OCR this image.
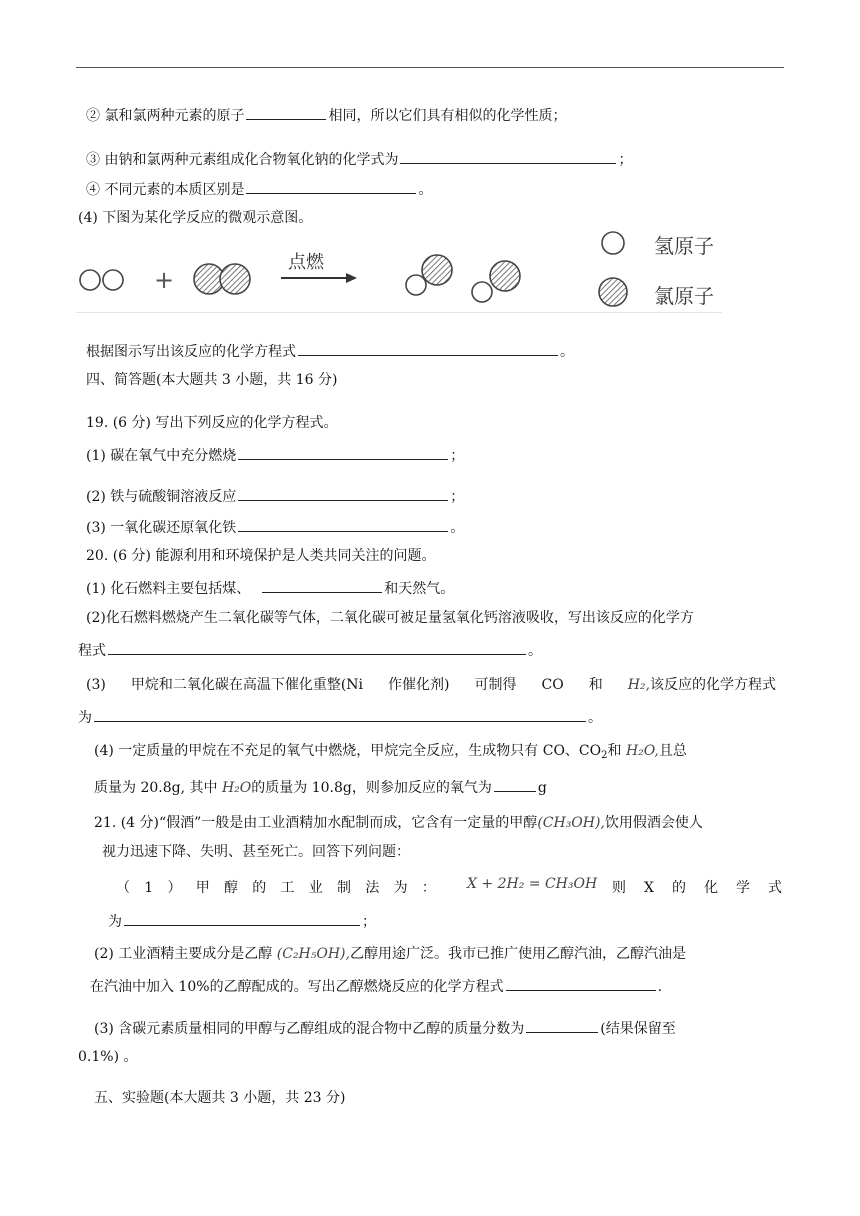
② 氯和氯两种元素的原子	相同，所以它们具有相似的化学性质；
③ 由钠和氯两种元素组成化合物氧化钠的化学式为	；
④ 不同元素的本质区别是	。
(4) 下图为某化学反应的微观示意图。
+
点燃
氢原子
氯原子
根据图示写出该反应的化学方程式	。
四、简答题(本大题共 3 小题，共 16 分)
19. (6 分) 写出下列反应的化学方程式。
(1) 碳在氧气中充分燃烧	；
(2) 铁与硫酸铜溶液反应	；
(3) 一氧化碳还原氧化铁	。
20. (6 分) 能源利用和环境保护是人类共同关注的问题。
(1) 化石燃料主要包括煤、	和天然气。
(2)化石燃料燃烧产生二氧化碳等气体，二氧化碳可被足量氢氧化钙溶液吸收，写出该反应的化学方
程式	。
(3) 甲烷和二氧化碳在高温下催化重整(Ni 作催化剂) 可制得 CO 和 H₂,该反应的化学方程式
为	。
(4) 一定质量的甲烷在不充足的氧气中燃烧，甲烷完全反应，生成物只有 CO、$CO_2$和 H₂O,且总
质量为 20.8g, 其中 H₂O的质量为 10.8g，则参加反应的氧气为	g
21. (4 分)“假酒”一般是由工业酒精加水配制而成，它含有一定量的甲醇(CH₃OH),饮用假酒会使人
视力迅速下降、失明、甚至死亡。回答下列问题：
（ 1 ） 甲 醇 的 工 业 制 法 为 ： X + 2H₂ = CH₃OH 则 X 的 化 学 式
为	；
(2) 工业酒精主要成分是乙醇 (C₂H₅OH),乙醇用途广泛。我市已推广使用乙醇汽油，乙醇汽油是
在汽油中加入 10%的乙醇配成的。写出乙醇燃烧反应的化学方程式	.
(3) 含碳元素质量相同的甲醇与乙醇组成的混合物中乙醇的质量分数为	(结果保留至
0.1%) 。
五、实验题(本大题共 3 小题，共 23 分)
